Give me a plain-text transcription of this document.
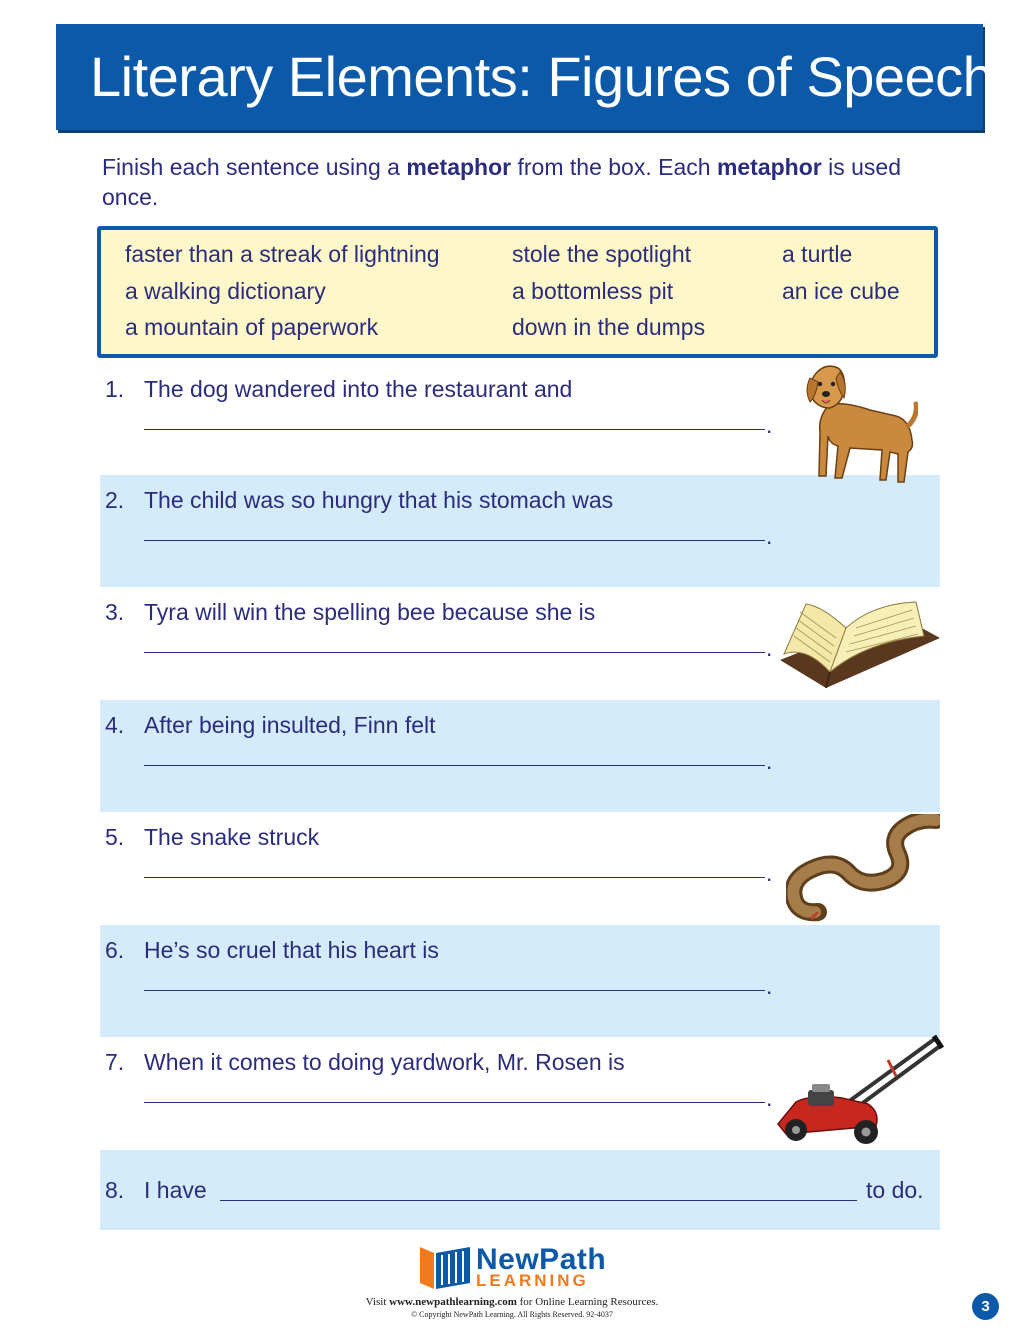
Literary Elements: Figures of Speech
Finish each sentence using a metaphor from the box. Each metaphor is used once.
faster than a streak of lightning	stole the spotlight	a turtle
a walking dictionary	a bottomless pit	an ice cube
a mountain of paperwork	down in the dumps
1. The dog wandered into the restaurant and
.
2. The child was so hungry that his stomach was
.
3. Tyra will win the spelling bee because she is
.
4. After being insulted, Finn felt
.
5. The snake struck
.
6. He’s so cruel that his heart is
.
7. When it comes to doing yardwork, Mr. Rosen is
.
8. I have	to do.
NewPath
LEARNING
Visit www.newpathlearning.com for Online Learning Resources.
© Copyright NewPath Learning. All Rights Reserved. 92-4037	3
